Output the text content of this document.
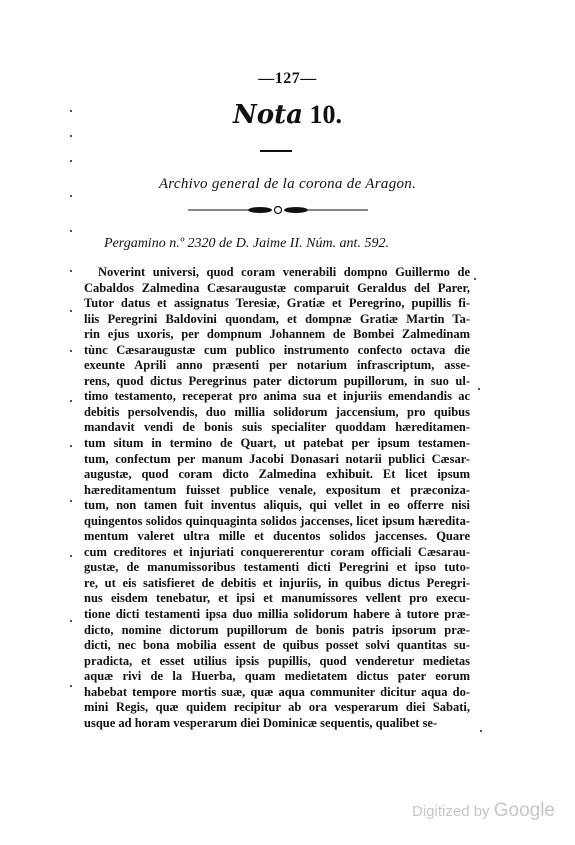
—127—
Nota 10.
Archivo general de la corona de Aragon.
Pergamino n.º 2320 de D. Jaime II. Núm. ant. 592.
Noverint universi, quod coram venerabili dompno Guillermo de
Cabaldos Zalmedina Cæsaraugustæ comparuit Geraldus del Parer,
Tutor datus et assignatus Teresiæ, Gratiæ et Peregrino, pupillis fi-
liis Peregrini Baldovini quondam, et dompnæ Gratiæ Martin Ta-
rin ejus uxoris, per dompnum Johannem de Bombei Zalmedinam
tùnc Cæsaraugustæ cum publico instrumento confecto octava die
exeunte Aprili anno præsenti per notarium infrascriptum, asse-
rens, quod dictus Peregrinus pater dictorum pupillorum, in suo ul-
timo testamento, receperat pro anima sua et injuriis emendandis ac
debitis persolvendis, duo millia solidorum jaccensium, pro quibus
mandavit vendi de bonis suis specialiter quoddam hæreditamen-
tum situm in termino de Quart, ut patebat per ipsum testamen-
tum, confectum per manum Jacobi Donasari notarii publici Cæsar-
augustæ, quod coram dicto Zalmedina exhibuit. Et licet ipsum
hæreditamentum fuisset publice venale, expositum et præconiza-
tum, non tamen fuit inventus aliquis, qui vellet in eo offerre nisi
quingentos solidos quinquaginta solidos jaccenses, licet ipsum hæredita-
mentum valeret ultra mille et ducentos solidos jaccenses. Quare
cum creditores et injuriati conquererentur coram officiali Cæsarau-
gustæ, de manumissoribus testamenti dicti Peregrini et ipso tuto-
re, ut eis satisfieret de debitis et injuriis, in quibus dictus Peregri-
nus eisdem tenebatur, et ipsi et manumissores vellent pro execu-
tione dicti testamenti ipsa duo millia solidorum habere à tutore præ-
dicto, nomine dictorum pupillorum de bonis patris ipsorum præ-
dicti, nec bona mobilia essent de quibus posset solvi quantitas su-
pradicta, et esset utilius ipsis pupillis, quod venderetur medietas
aquæ rivi de la Huerba, quam medietatem dictus pater eorum
habebat tempore mortis suæ, quæ aqua communiter dicitur aqua do-
mini Regis, quæ quidem recipitur ab ora vesperarum diei Sabati,
usque ad horam vesperarum diei Dominicæ sequentis, qualibet se-
Digitized by Google
